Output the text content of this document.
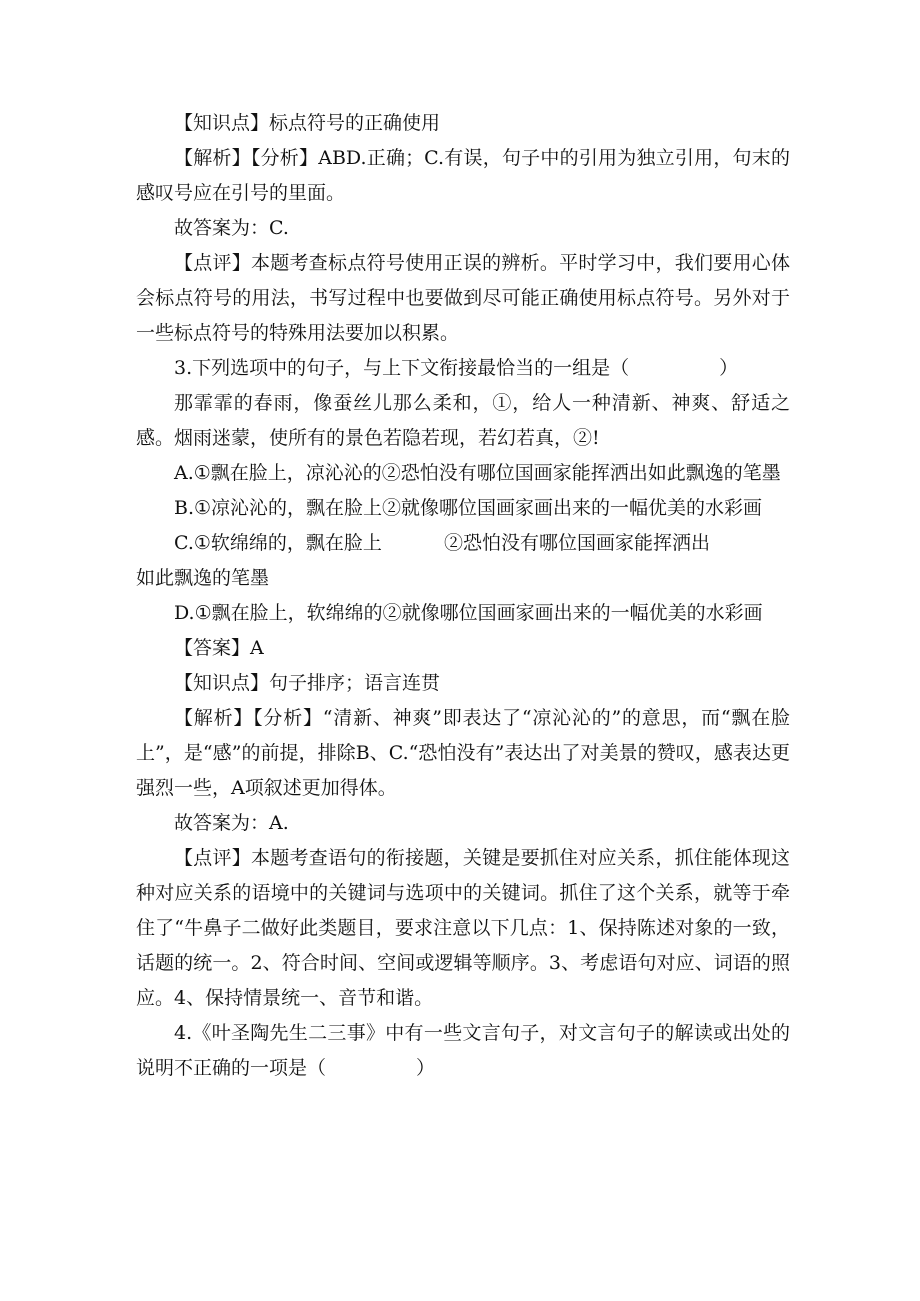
【知识点】标点符号的正确使用

【解析】【分析】ABD.正确；C.有误，句子中的引用为独立引用，句末的感叹号应在引号的里面。

故答案为：C.

【点评】本题考查标点符号使用正误的辨析。平时学习中，我们要用心体会标点符号的用法，书写过程中也要做到尽可能正确使用标点符号。另外对于一些标点符号的特殊用法要加以积累。

3.下列选项中的句子，与上下文衔接最恰当的一组是（	）

那霏霏的春雨，像蚕丝儿那么柔和，①，给人一种清新、神爽、舒适之感。烟雨迷蒙，使所有的景色若隐若现，若幻若真，②!

A.①飘在脸上，凉沁沁的②恐怕没有哪位国画家能挥洒出如此飘逸的笔墨

B.①凉沁沁的，飘在脸上②就像哪位国画家画出来的一幅优美的水彩画

C.①软绵绵的，飘在脸上	②恐怕没有哪位国画家能挥洒出

如此飘逸的笔墨

D.①飘在脸上，软绵绵的②就像哪位国画家画出来的一幅优美的水彩画

【答案】A

【知识点】句子排序；语言连贯

【解析】【分析】“清新、神爽”即表达了“凉沁沁的”的意思，而“飘在脸上”，是“感”的前提，排除B、C.“恐怕没有”表达出了对美景的赞叹，感表达更强烈一些，A项叙述更加得体。

故答案为：A.

【点评】本题考查语句的衔接题，关键是要抓住对应关系，抓住能体现这种对应关系的语境中的关键词与选项中的关键词。抓住了这个关系，就等于牵住了“牛鼻子二做好此类题目，要求注意以下几点：1、保持陈述对象的一致，话题的统一。2、符合时间、空间或逻辑等顺序。3、考虑语句对应、词语的照应。4、保持情景统一、音节和谐。

4.《叶圣陶先生二三事》中有一些文言句子，对文言句子的解读或出处的说明不正确的一项是（	）
